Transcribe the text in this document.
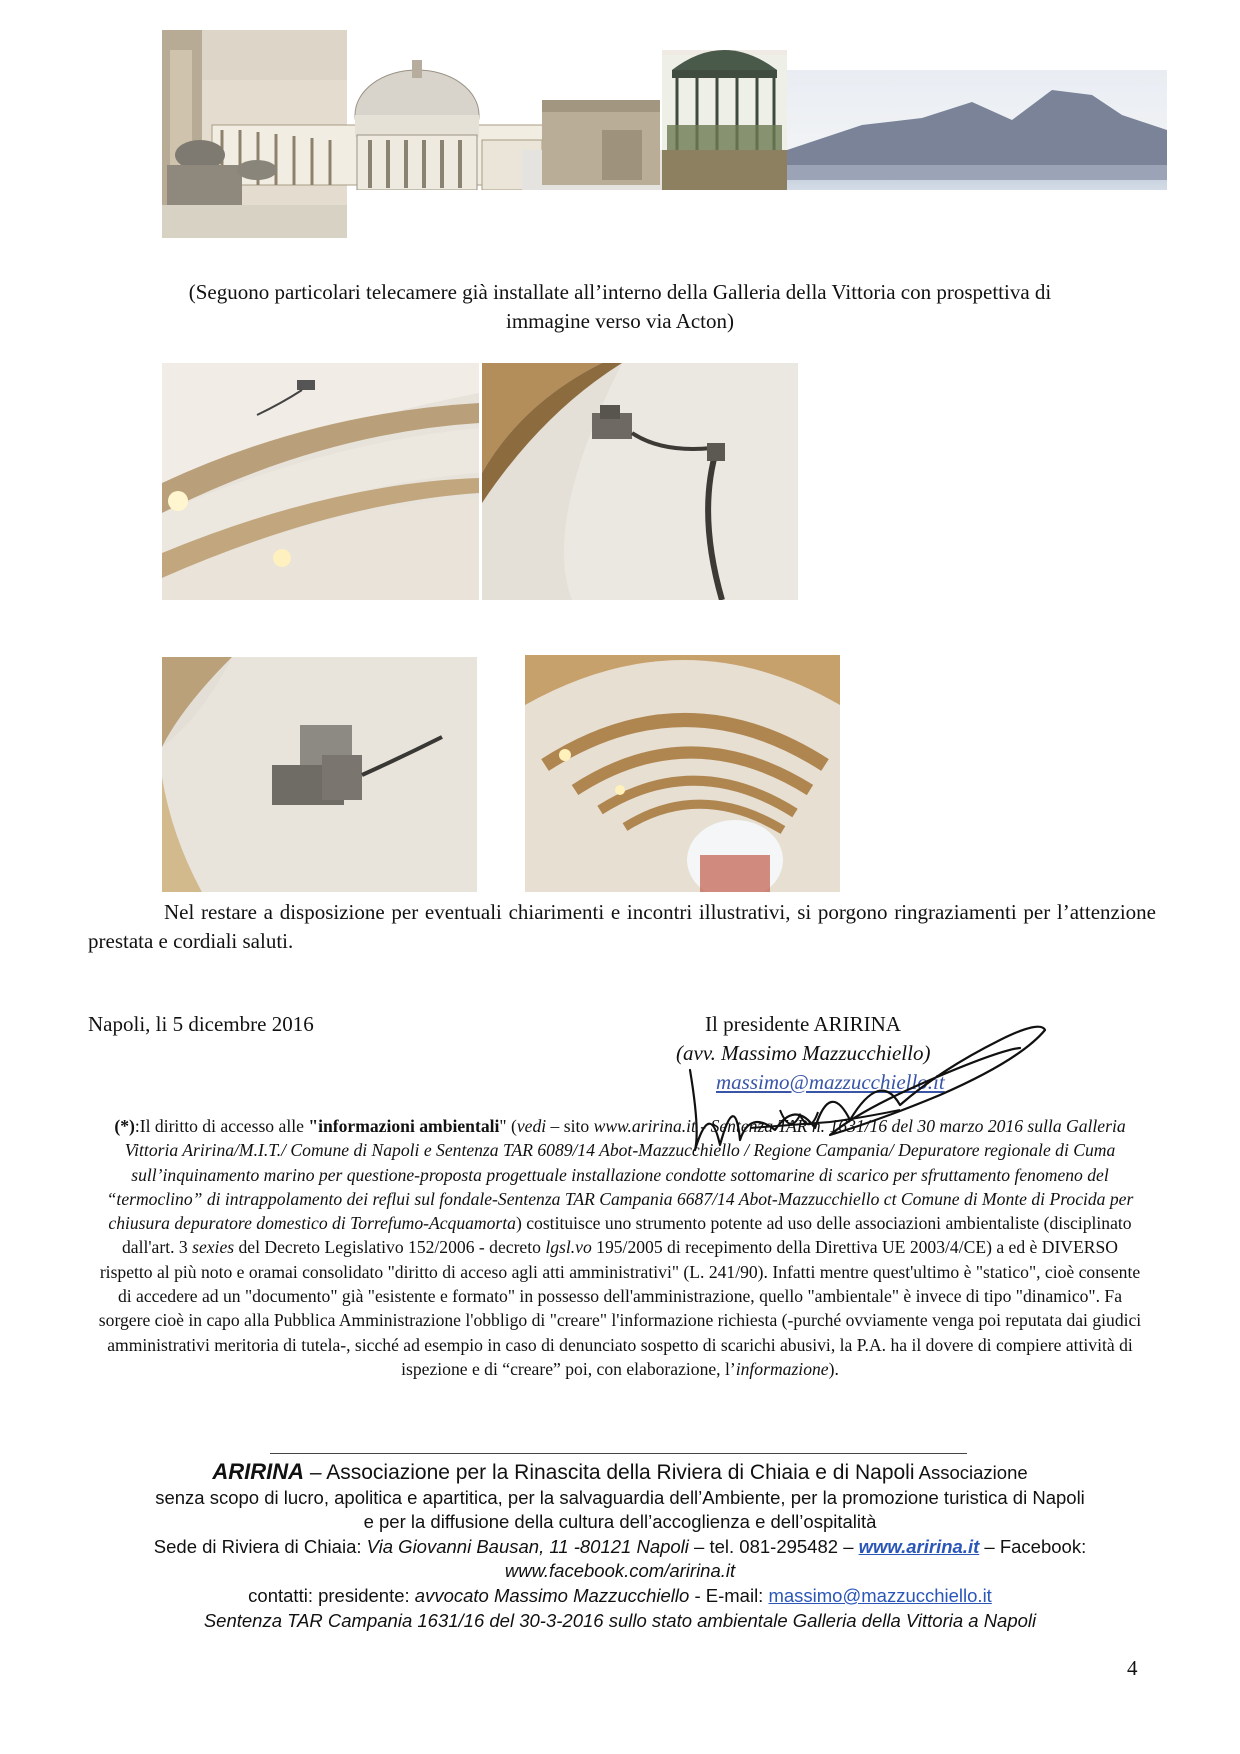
(Seguono particolari telecamere già installate all’interno della Galleria della Vittoria con prospettiva di
immagine verso via Acton)
Nel restare a disposizione per eventuali chiarimenti e incontri illustrativi, si porgono ringraziamenti per l’attenzione prestata e cordiali saluti.
Napoli, li 5 dicembre 2016	Il presidente ARIRINA
(avv. Massimo Mazzucchiello)
massimo@mazzucchiello.it
(*):Il diritto di accesso alle "informazioni ambientali" (vedi – sito www.aririna.it - Sentenza TAR n. 1631/16 del 30 marzo 2016 sulla Galleria Vittoria Aririna/M.I.T./ Comune di Napoli e Sentenza TAR 6089/14 Abot-Mazzucchiello / Regione Campania/ Depuratore regionale di Cuma sull’inquinamento marino per questione-proposta progettuale installazione condotte sottomarine di scarico per sfruttamento fenomeno del “termoclino” di intrappolamento dei reflui sul fondale-Sentenza TAR Campania 6687/14 Abot-Mazzucchiello ct Comune di Monte di Procida per chiusura depuratore domestico di Torrefumo-Acquamorta) costituisce uno strumento potente ad uso delle associazioni ambientaliste (disciplinato dall'art. 3 sexies del Decreto Legislativo 152/2006 - decreto lgsl.vo 195/2005 di recepimento della Direttiva UE 2003/4/CE) a ed è DIVERSO rispetto al più noto e oramai consolidato "diritto di acceso agli atti amministrativi" (L. 241/90). Infatti mentre quest'ultimo è "statico", cioè consente di accedere ad un "documento" già "esistente e formato" in possesso dell'amministrazione, quello "ambientale" è invece di tipo "dinamico". Fa sorgere cioè in capo alla Pubblica Amministrazione l'obbligo di "creare" l'informazione richiesta (-purché ovviamente venga poi reputata dai giudici amministrativi meritoria di tutela-, sicché ad esempio in caso di denunciato sospetto di scarichi abusivi, la P.A. ha il dovere di compiere attività di ispezione e di “creare” poi, con elaborazione, l’informazione).
ARIRINA – Associazione per la Rinascita della Riviera di Chiaia e di Napoli Associazione
senza scopo di lucro, apolitica e apartitica, per la salvaguardia dell’Ambiente, per la promozione turistica di Napoli
e per la diffusione della cultura dell’accoglienza e dell’ospitalità
Sede di Riviera di Chiaia: Via Giovanni Bausan, 11 -80121 Napoli – tel. 081-295482 – www.aririna.it – Facebook:
www.facebook.com/aririna.it
contatti: presidente: avvocato Massimo Mazzucchiello - E-mail: massimo@mazzucchiello.it
Sentenza TAR Campania 1631/16 del 30-3-2016 sullo stato ambientale Galleria della Vittoria a Napoli
4
